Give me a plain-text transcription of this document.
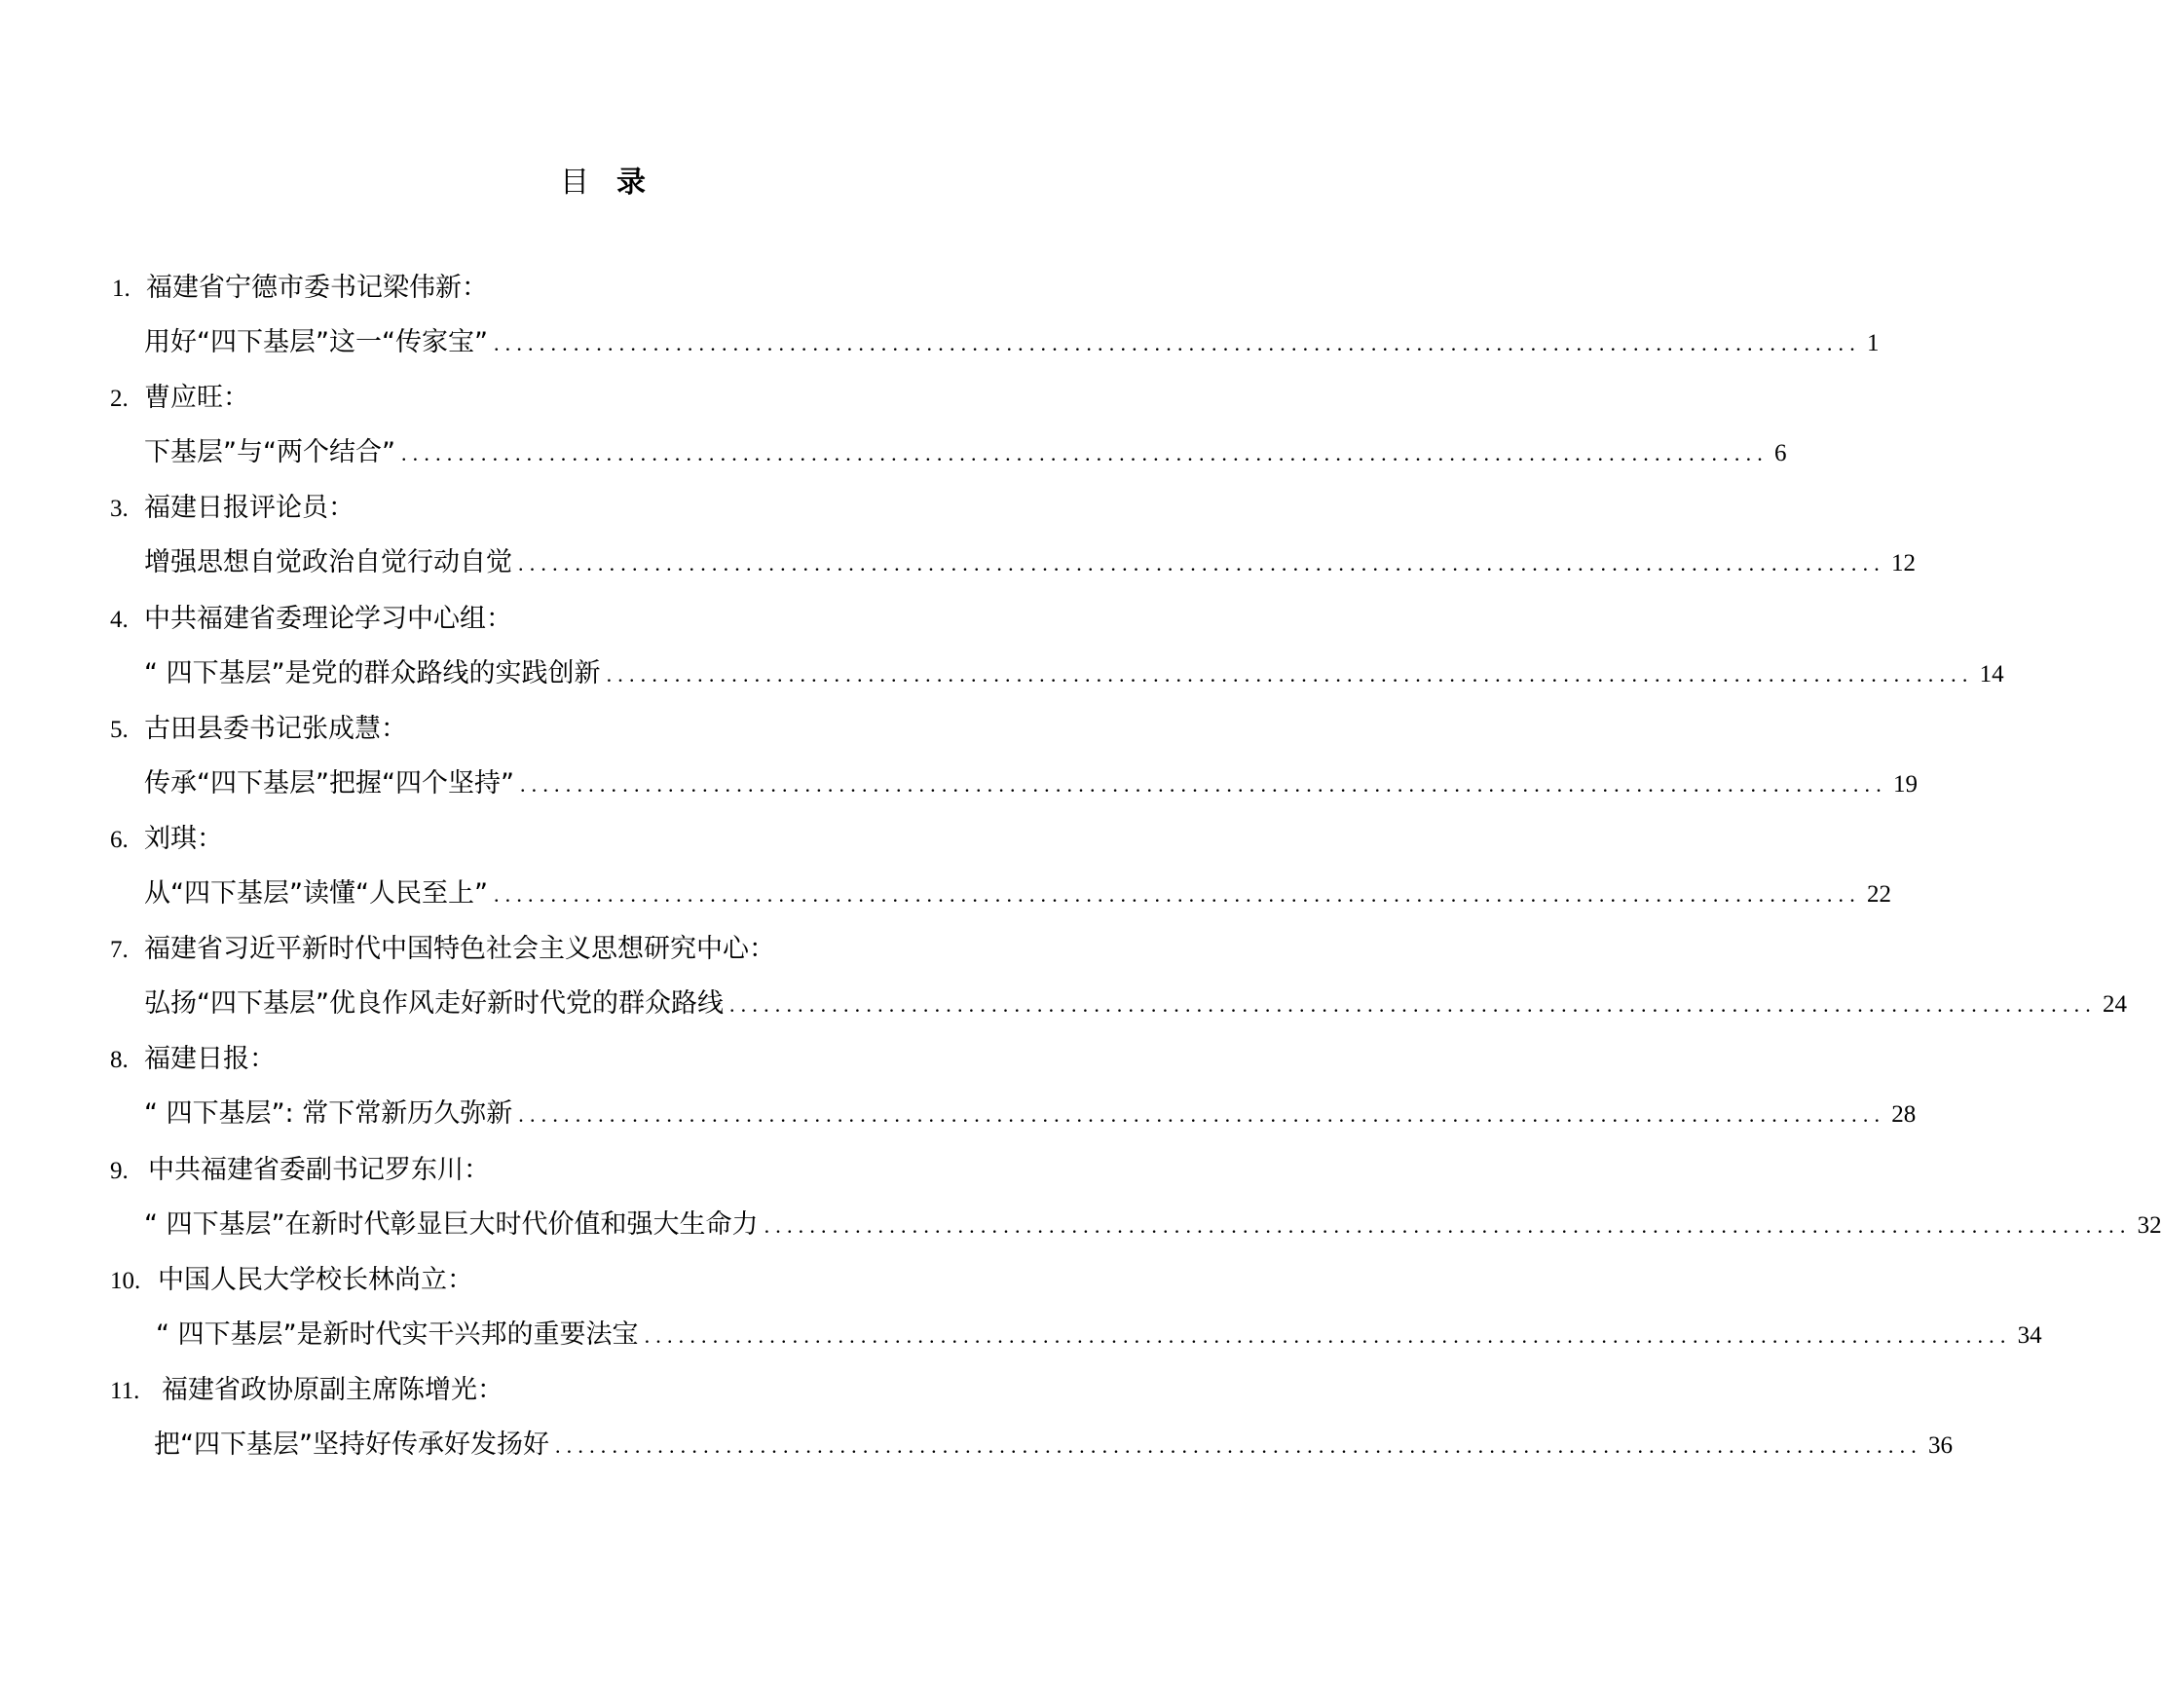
目 录
1. 福建省宁德市委书记梁伟新：
用好“四下基层”这一“传家宝” ........................................................................................................................ 1
2. 曹应旺：
下基层”与“两个结合” ........................................................................................................................ 6
3. 福建日报评论员：
增强思想自觉政治自觉行动自觉 ........................................................................................................................ 12
4. 中共福建省委理论学习中心组：
“ 四下基层”是党的群众路线的实践创新 ........................................................................................................................ 14
5. 古田县委书记张成慧：
传承“四下基层”把握“四个坚持” ........................................................................................................................ 19
6. 刘琪：
从“四下基层”读懂“人民至上” ........................................................................................................................ 22
7. 福建省习近平新时代中国特色社会主义思想研究中心：
弘扬“四下基层”优良作风走好新时代党的群众路线 ........................................................................................................................ 24
8. 福建日报：
“ 四下基层”: 常下常新历久弥新 ........................................................................................................................ 28
9. 中共福建省委副书记罗东川：
“ 四下基层”在新时代彰显巨大时代价值和强大生命力 ........................................................................................................................ 32
10. 中国人民大学校长林尚立：
“ 四下基层”是新时代实干兴邦的重要法宝 ........................................................................................................................ 34
11. 福建省政协原副主席陈增光：
把“四下基层”坚持好传承好发扬好 ........................................................................................................................ 36
